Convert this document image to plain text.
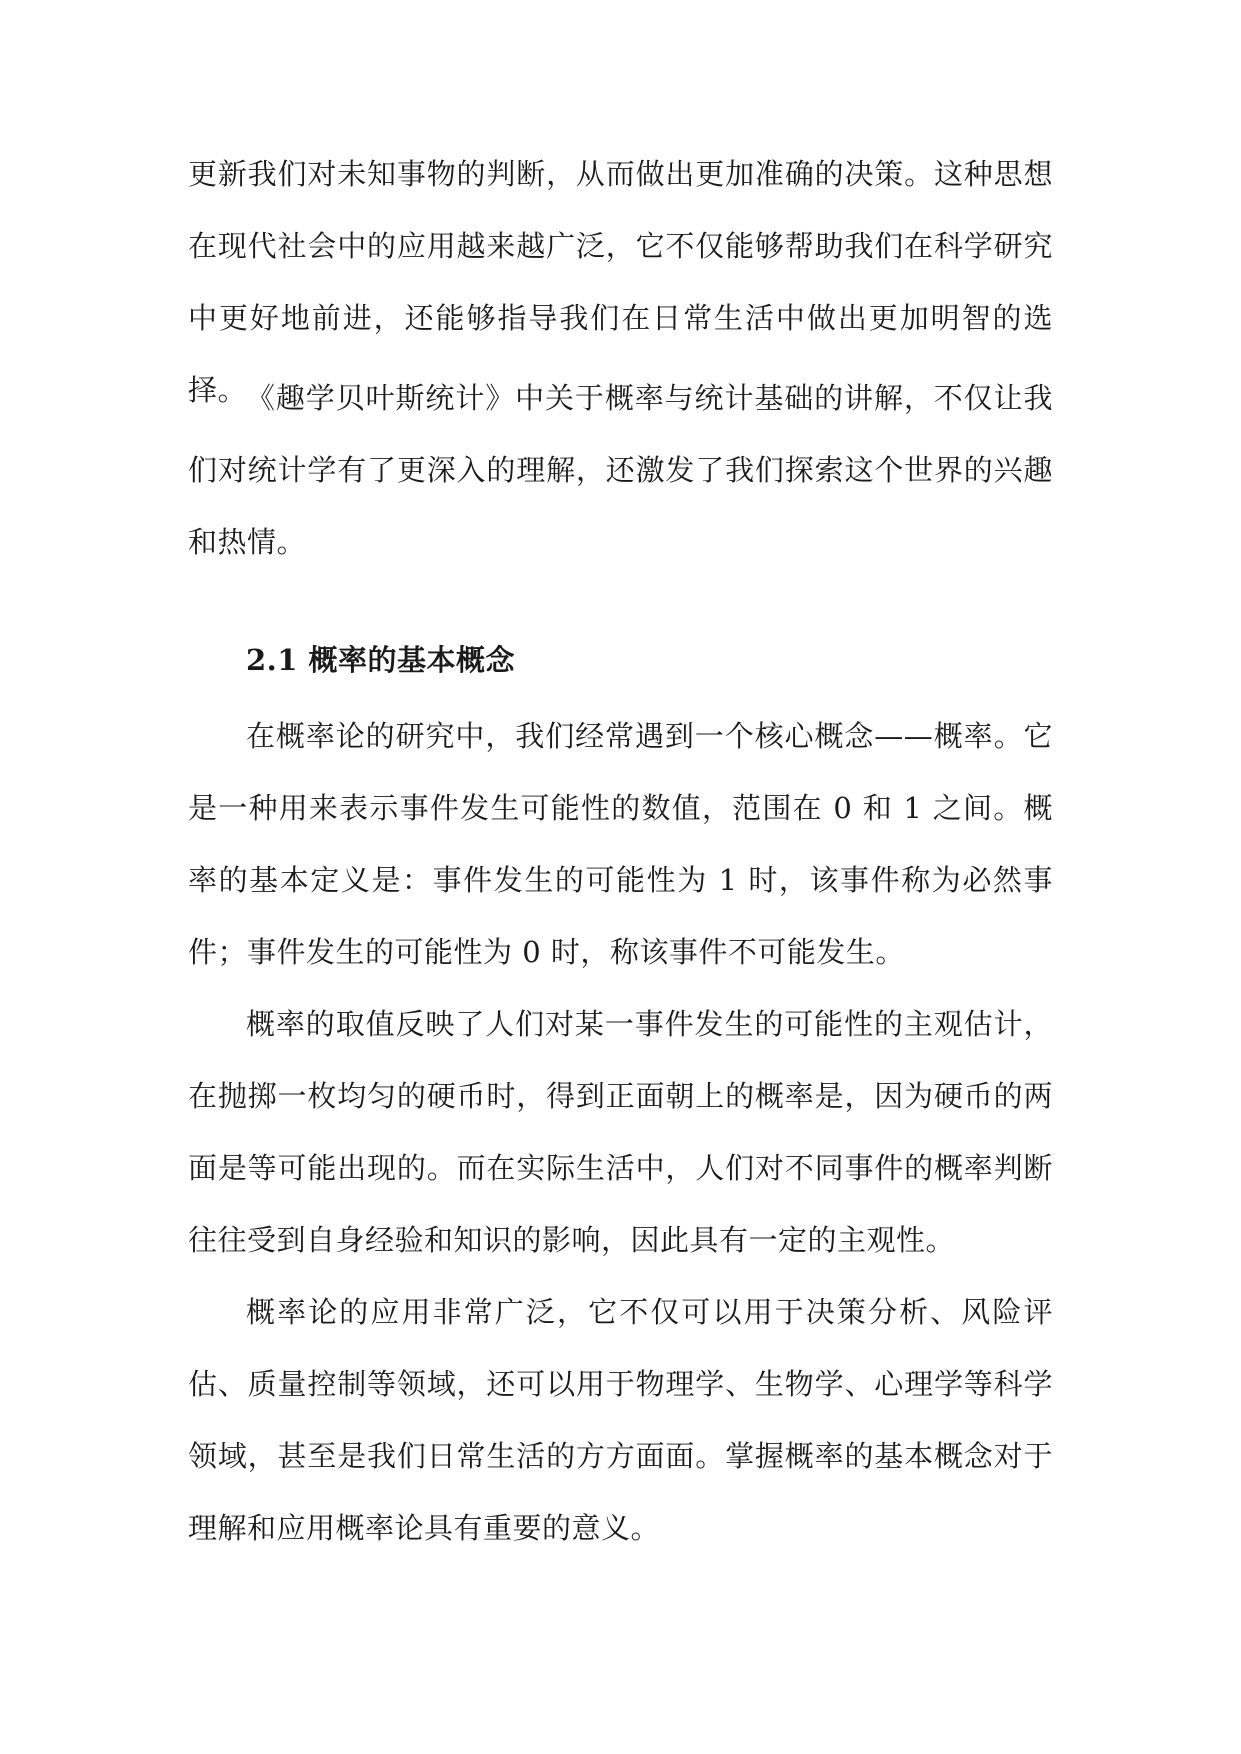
更新我们对未知事物的判断，从而做出更加准确的决策。这种思想在现代社会中的应用越来越广泛，它不仅能够帮助我们在科学研究中更好地前进，还能够指导我们在日常生活中做出更加明智的选择。

《趣学贝叶斯统计》中关于概率与统计基础的讲解，不仅让我们对统计学有了更深入的理解，还激发了我们探索这个世界的兴趣和热情。

2.1 概率的基本概念

在概率论的研究中，我们经常遇到一个核心概念——概率。它是一种用来表示事件发生可能性的数值，范围在 0 和 1 之间。概率的基本定义是：事件发生的可能性为 1 时，该事件称为必然事件；事件发生的可能性为 0 时，称该事件不可能发生。

概率的取值反映了人们对某一事件发生的可能性的主观估计，在抛掷一枚均匀的硬币时，得到正面朝上的概率是，因为硬币的两面是等可能出现的。而在实际生活中，人们对不同事件的概率判断往往受到自身经验和知识的影响，因此具有一定的主观性。

概率论的应用非常广泛，它不仅可以用于决策分析、风险评估、质量控制等领域，还可以用于物理学、生物学、心理学等科学领域，甚至是我们日常生活的方方面面。掌握概率的基本概念对于理解和应用概率论具有重要的意义。
